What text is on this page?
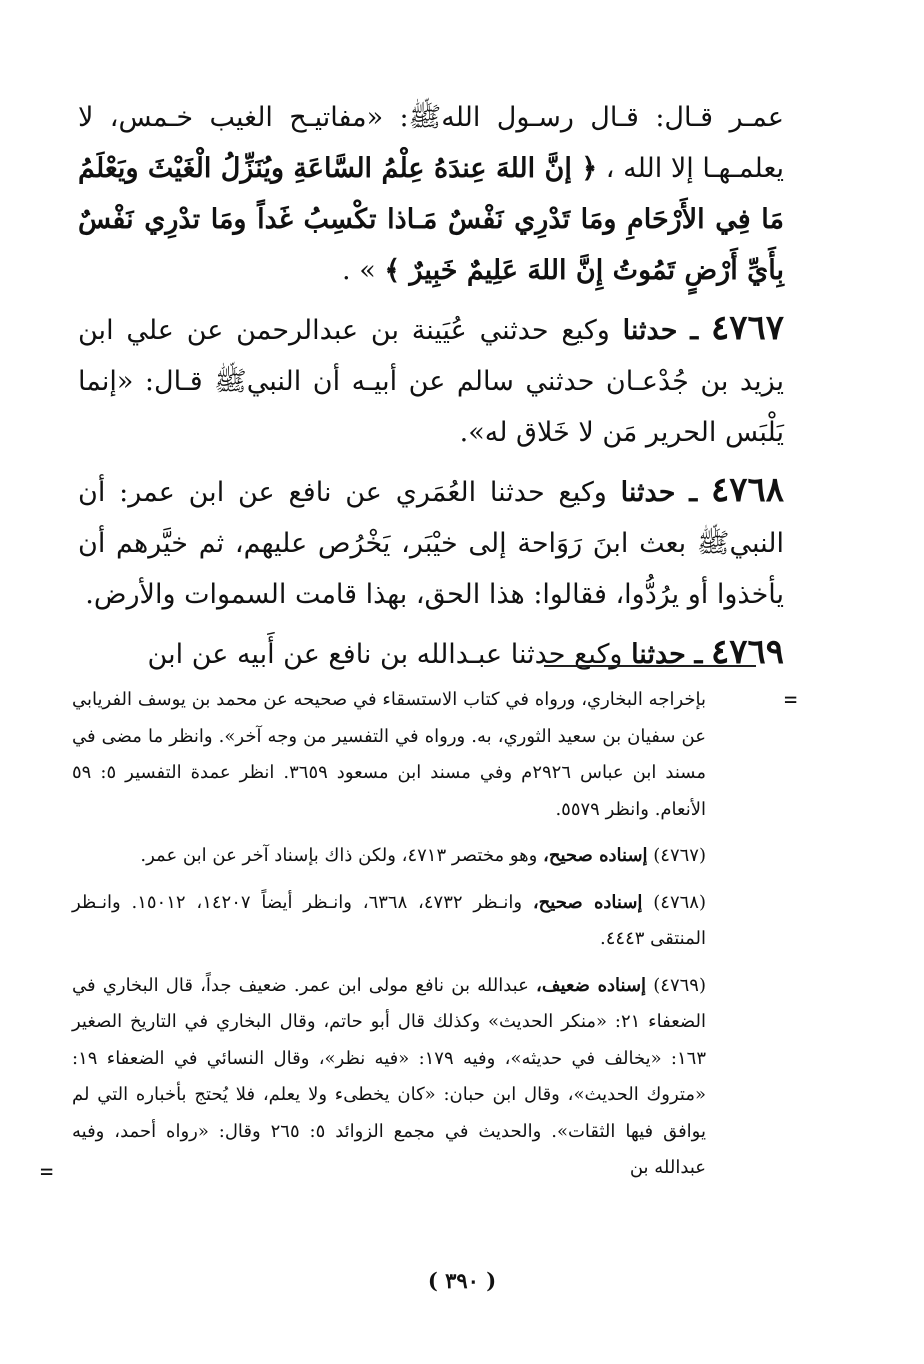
عمـر قـال: قـال رسـول اللهﷺ: «مفاتيـح الغيب خـمس، لا يعلمـهـا إلا الله ، ﴿ إنَّ اللهَ عِندَهُ عِلْمُ السَّاعَةِ ويُنَزِّلُ الْغَيْثَ ويَعْلَمُ مَا فِي الأَرْحَامِ ومَا تَدْرِي نَفْسٌ مَـاذا تكْسِبُ غَداً ومَا تدْرِي نَفْسٌ بِأَيِّ أَرْضٍ تَمُوتُ إِنَّ اللهَ عَلِيمٌ خَبِيرٌ ﴾ » .

٤٧٦٧ ـ حدثنا وكيع حدثني عُيَينة بن عبدالرحمن عن علي ابن يزيد بن جُدْعـان حدثني سالم عن أبيـه أن النبيﷺ قـال: «إنما يَلْبَس الحرير مَن لا خَلاق له».

٤٧٦٨ ـ حدثنا وكيع حدثنا العُمَري عن نافع عن ابن عمر: أن النبيﷺ بعث ابنَ رَوَاحة إلى خيْبَر، يَخْرُص عليهم، ثم خيَّرهم أن يأخذوا أو يرُدُّوا، فقالوا: هذا الحق، بهذا قامت السموات والأرض.

٤٧٦٩ ـ حدثنا وكيع حدثنا عبـدالله بن نافع عن أَبيه عن ابن

=

بإخراجه البخاري، ورواه في كتاب الاستسقاء في صحيحه عن محمد بن يوسف الفريابي عن سفيان بن سعيد الثوري، به. ورواه في التفسير من وجه آخر». وانظر ما مضى في مسند ابن عباس ٢٩٢٦م وفي مسند ابن مسعود ٣٦٥٩. انظر عمدة التفسير ٥: ٥٩ الأنعام. وانظر ٥٥٧٩.

(٤٧٦٧) إسناده صحيح، وهو مختصر ٤٧١٣، ولكن ذاك بإسناد آخر عن ابن عمر.

(٤٧٦٨) إسناده صحيح، وانـظر ٤٧٣٢، ٦٣٦٨، وانـظر أيضاً ١٤٢٠٧، ١٥٠١٢. وانـظر المنتقى ٤٤٤٣.

(٤٧٦٩) إسناده ضعيف، عبدالله بن نافع مولى ابن عمر. ضعيف جداً، قال البخاري في الضعفاء ٢١: «منكر الحديث» وكذلك قال أبو حاتم، وقال البخاري في التاريخ الصغير ١٦٣: «يخالف في حديثه»، وفيه ١٧٩: «فيه نظر»، وقال النسائي في الضعفاء ١٩: «متروك الحديث»، وقال ابن حبان: «كان يخطىء ولا يعلم، فلا يُحتج بأخباره التي لم يوافق فيها الثقات». والحديث في مجمع الزوائد ٥: ٢٦٥ وقال: «رواه أحمد، وفيه عبدالله بن

=
( ٣٩٠ )
